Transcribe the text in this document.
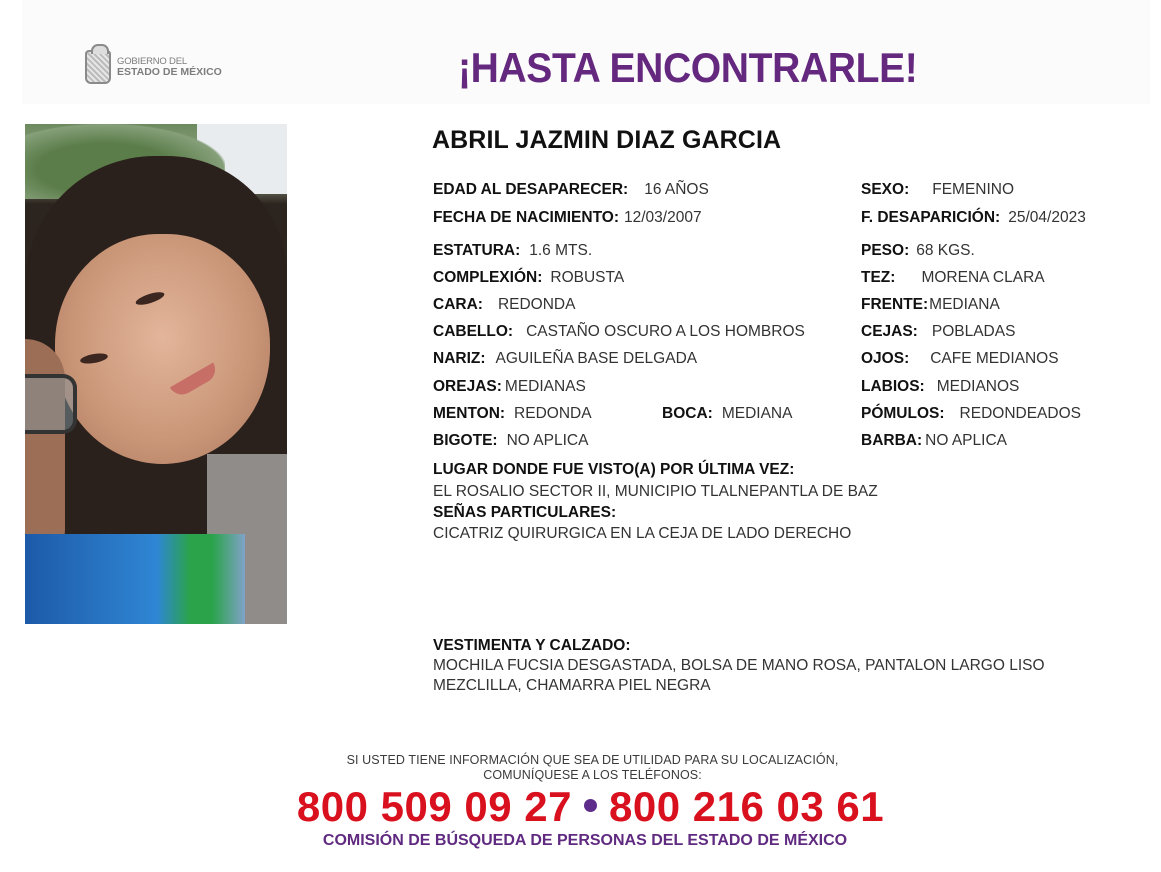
GOBIERNO DEL
ESTADO DE MÉXICO	¡HASTA ENCONTRARLE!
ABRIL JAZMIN DIAZ GARCIA
EDAD AL DESAPARECER: 16 AÑOS
FECHA DE NACIMIENTO: 12/03/2007
ESTATURA: 1.6 MTS.
COMPLEXIÓN: ROBUSTA
CARA: REDONDA
CABELLO: CASTAÑO OSCURO A LOS HOMBROS
NARIZ: AGUILEÑA BASE DELGADA
OREJAS: MEDIANAS
MENTON: REDONDA	BOCA: MEDIANA
BIGOTE: NO APLICA
SEXO: FEMENINO
F. DESAPARICIÓN: 25/04/2023
PESO: 68 KGS.
TEZ: MORENA CLARA
FRENTE:MEDIANA
CEJAS: POBLADAS
OJOS: CAFE MEDIANOS
LABIOS: MEDIANOS
PÓMULOS: REDONDEADOS
BARBA: NO APLICA
LUGAR DONDE FUE VISTO(A) POR ÚLTIMA VEZ:
EL ROSALIO SECTOR II, MUNICIPIO TLALNEPANTLA DE BAZ
SEÑAS PARTICULARES:
CICATRIZ QUIRURGICA EN LA CEJA DE LADO DERECHO
VESTIMENTA Y CALZADO:
MOCHILA FUCSIA DESGASTADA, BOLSA DE MANO ROSA, PANTALON LARGO LISO
MEZCLILLA, CHAMARRA PIEL NEGRA
SI USTED TIENE INFORMACIÓN QUE SEA DE UTILIDAD PARA SU LOCALIZACIÓN,
COMUNÍQUESE A LOS TELÉFONOS:
800 509 09 27 800 216 03 61
COMISIÓN DE BÚSQUEDA DE PERSONAS DEL ESTADO DE MÉXICO
